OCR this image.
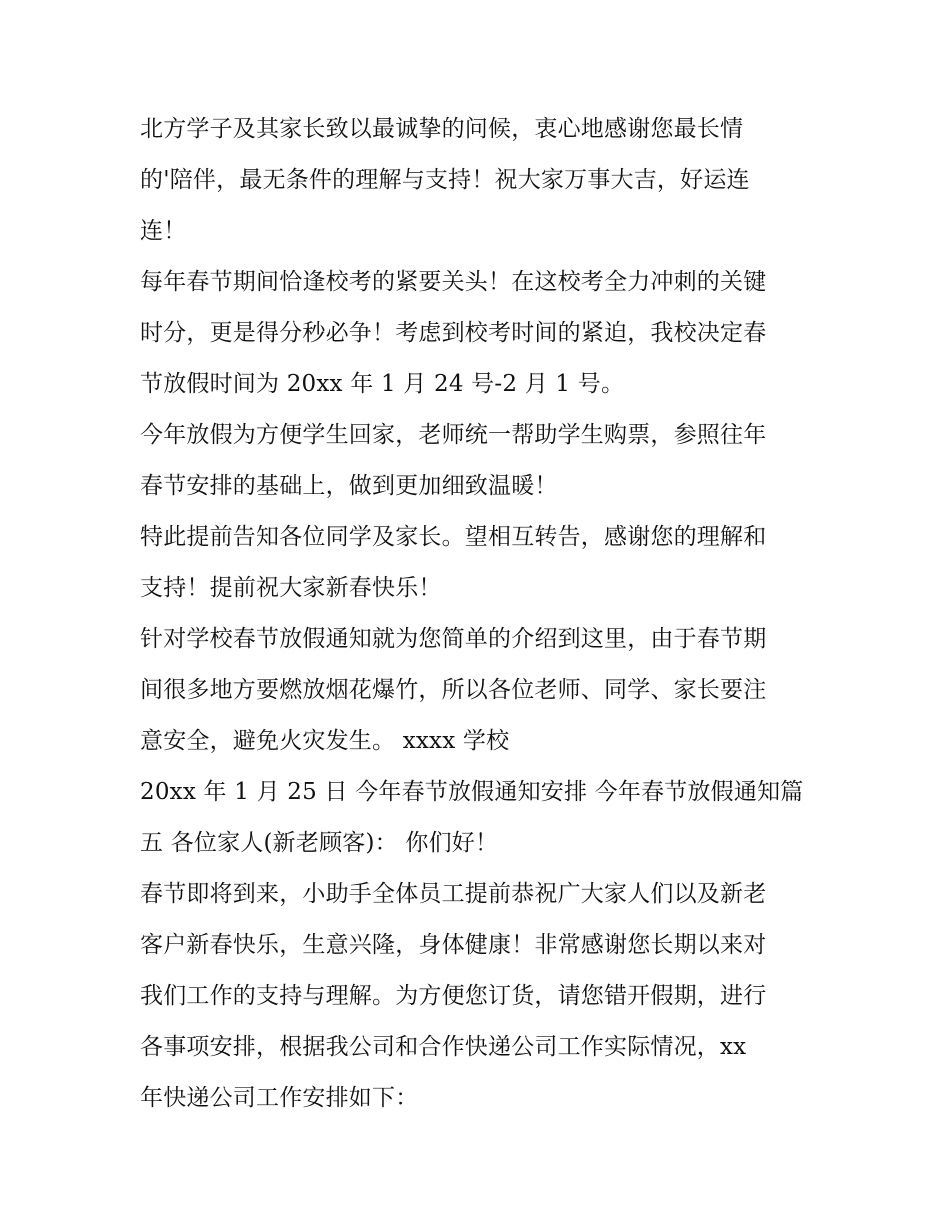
北方学子及其家长致以最诚挚的问候，衷心地感谢您最长情
的'陪伴，最无条件的理解与支持！祝大家万事大吉，好运连
连！
每年春节期间恰逢校考的紧要关头！在这校考全力冲刺的关键
时分，更是得分秒必争！考虑到校考时间的紧迫，我校决定春
节放假时间为 20xx 年 1 月 24 号-2 月 1 号。
今年放假为方便学生回家，老师统一帮助学生购票，参照往年
春节安排的基础上，做到更加细致温暖！
特此提前告知各位同学及家长。望相互转告，感谢您的理解和
支持！提前祝大家新春快乐！
针对学校春节放假通知就为您简单的介绍到这里，由于春节期
间很多地方要燃放烟花爆竹，所以各位老师、同学、家长要注
意安全，避免火灾发生。 xxxx 学校
20xx 年 1 月 25 日 今年春节放假通知安排 今年春节放假通知篇
五 各位家人(新老顾客)： 你们好！
春节即将到来，小助手全体员工提前恭祝广大家人们以及新老
客户新春快乐，生意兴隆，身体健康！非常感谢您长期以来对
我们工作的支持与理解。为方便您订货，请您错开假期，进行
各事项安排，根据我公司和合作快递公司工作实际情况，xx
年快递公司工作安排如下：
